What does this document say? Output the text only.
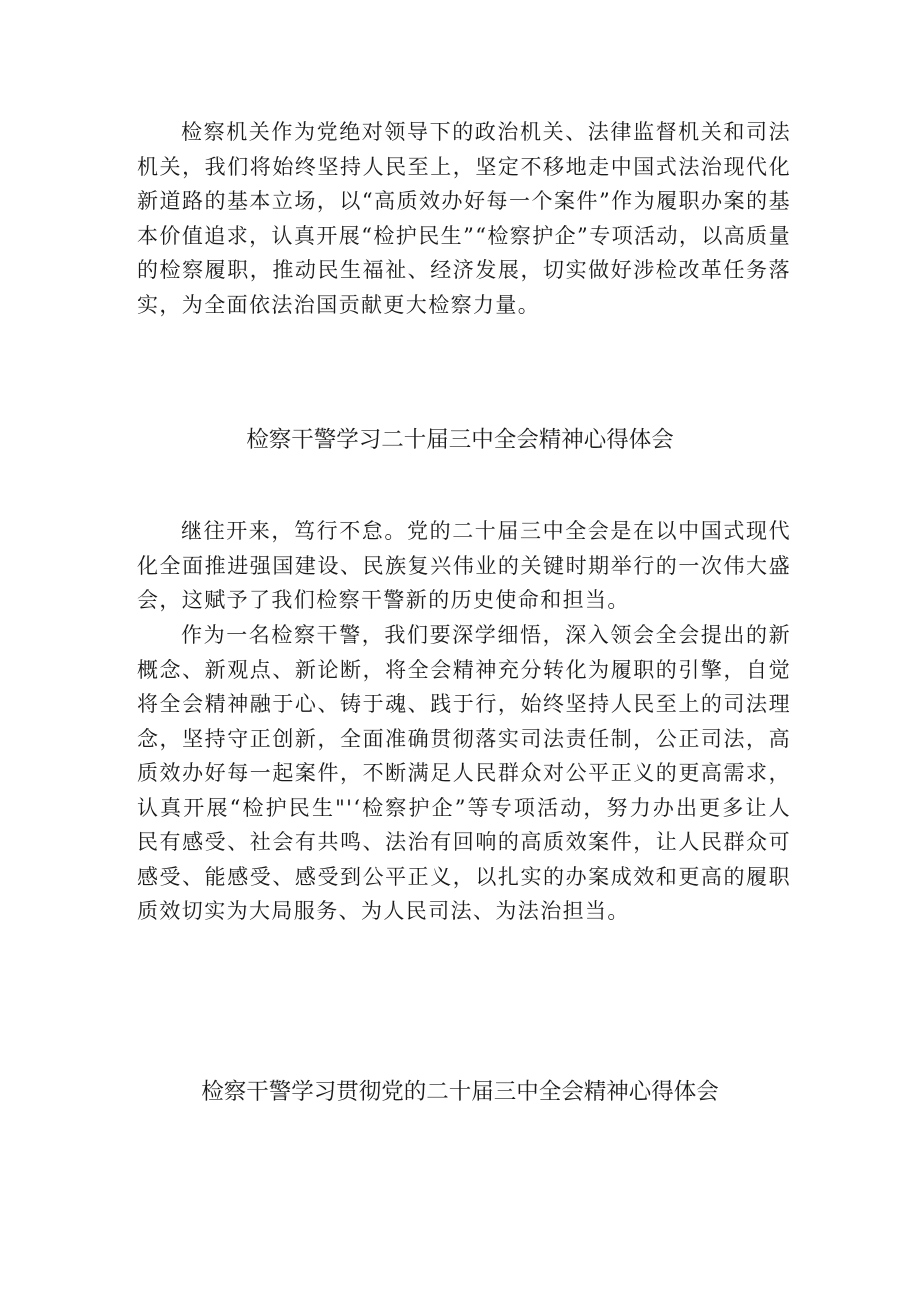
检察机关作为党绝对领导下的政治机关、法律监督机关和司法机关，我们将始终坚持人民至上，坚定不移地走中国式法治现代化新道路的基本立场，以“高质效办好每一个案件”作为履职办案的基本价值追求，认真开展“检护民生”“检察护企”专项活动，以高质量的检察履职，推动民生福祉、经济发展，切实做好涉检改革任务落实，为全面依法治国贡献更大检察力量。

检察干警学习二十届三中全会精神心得体会

继往开来，笃行不怠。党的二十届三中全会是在以中国式现代化全面推进强国建设、民族复兴伟业的关键时期举行的一次伟大盛会，这赋予了我们检察干警新的历史使命和担当。

作为一名检察干警，我们要深学细悟，深入领会全会提出的新概念、新观点、新论断，将全会精神充分转化为履职的引擎，自觉将全会精神融于心、铸于魂、践于行，始终坚持人民至上的司法理念，坚持守正创新，全面准确贯彻落实司法责任制，公正司法，高质效办好每一起案件，不断满足人民群众对公平正义的更高需求，认真开展“检护民生"'‘检察护企”等专项活动，努力办出更多让人民有感受、社会有共鸣、法治有回响的高质效案件，让人民群众可感受、能感受、感受到公平正义，以扎实的办案成效和更高的履职质效切实为大局服务、为人民司法、为法治担当。

检察干警学习贯彻党的二十届三中全会精神心得体会
